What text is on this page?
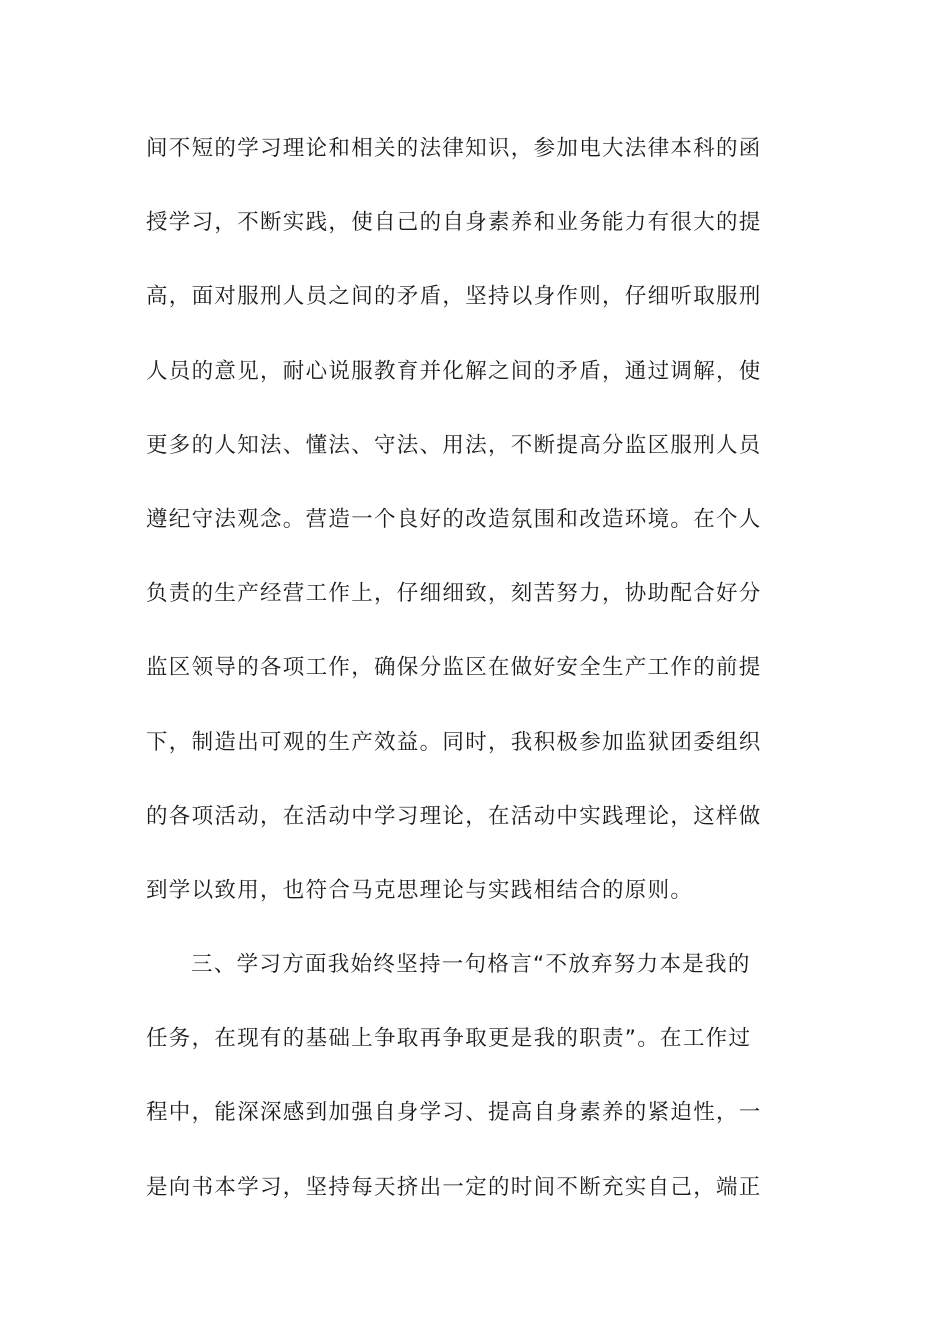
间不短的学习理论和相关的法律知识，参加电大法律本科的函
授学习，不断实践，使自己的自身素养和业务能力有很大的提
高，面对服刑人员之间的矛盾，坚持以身作则，仔细听取服刑
人员的意见，耐心说服教育并化解之间的矛盾，通过调解，使
更多的人知法、懂法、守法、用法，不断提高分监区服刑人员
遵纪守法观念。营造一个良好的改造氛围和改造环境。在个人
负责的生产经营工作上，仔细细致，刻苦努力，协助配合好分
监区领导的各项工作，确保分监区在做好安全生产工作的前提
下，制造出可观的生产效益。同时，我积极参加监狱团委组织
的各项活动，在活动中学习理论，在活动中实践理论，这样做
到学以致用，也符合马克思理论与实践相结合的原则。
三、学习方面我始终坚持一句格言“不放弃努力本是我的
任务，在现有的基础上争取再争取更是我的职责”。在工作过
程中，能深深感到加强自身学习、提高自身素养的紧迫性，一
是向书本学习，坚持每天挤出一定的时间不断充实自己，端正
